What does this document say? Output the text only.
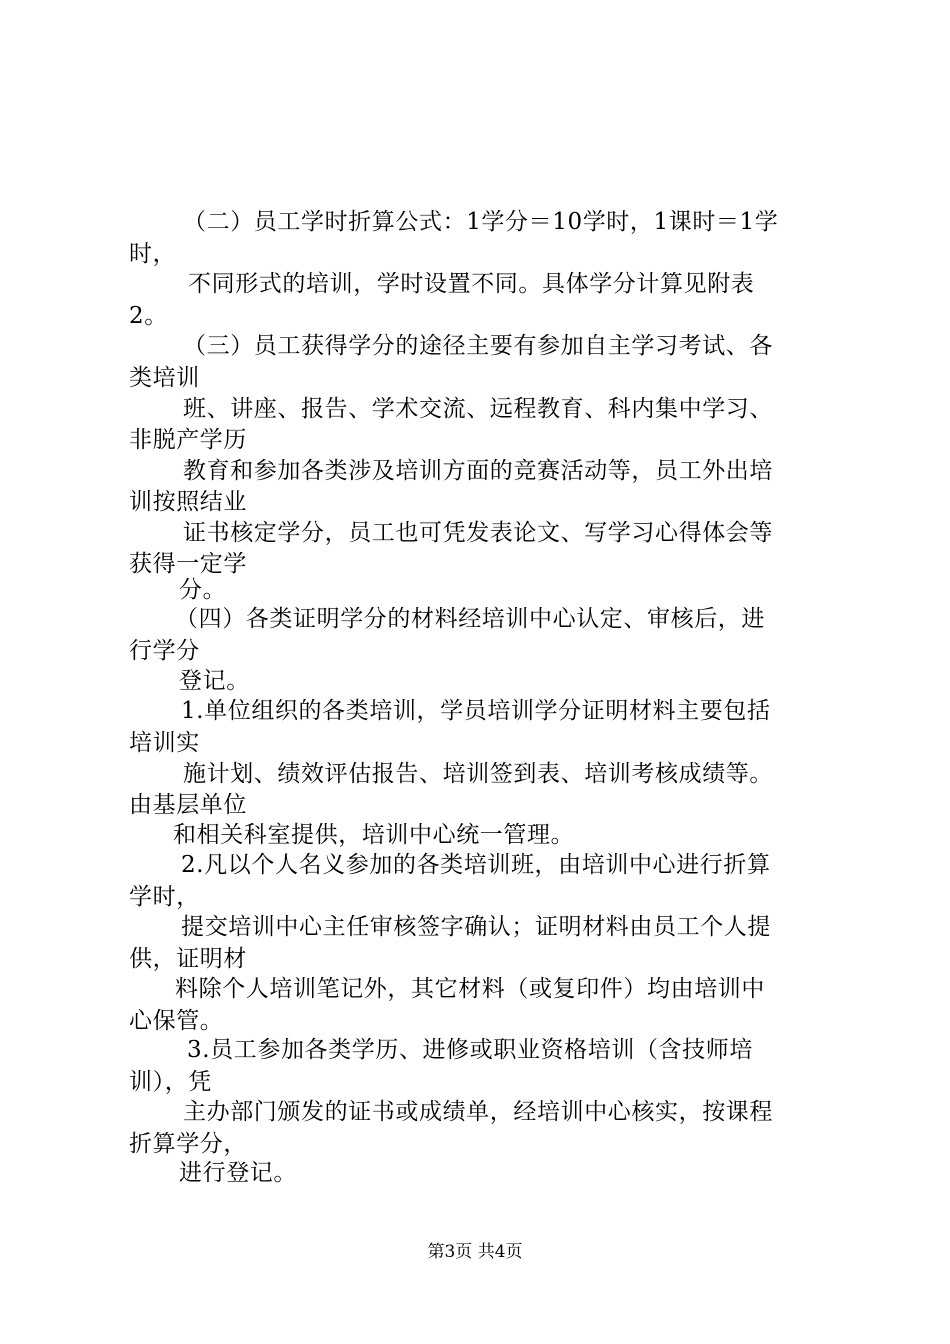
（二）员工学时折算公式：1学分＝10学时，1课时＝1学
时，
不同形式的培训，学时设置不同。具体学分计算见附表
2。
（三）员工获得学分的途径主要有参加自主学习考试、各
类培训
班、讲座、报告、学术交流、远程教育、科内集中学习、
非脱产学历
教育和参加各类涉及培训方面的竞赛活动等，员工外出培
训按照结业
证书核定学分，员工也可凭发表论文、写学习心得体会等
获得一定学
分。
（四）各类证明学分的材料经培训中心认定、审核后，进
行学分
登记。
1.单位组织的各类培训，学员培训学分证明材料主要包括
培训实
施计划、绩效评估报告、培训签到表、培训考核成绩等。
由基层单位
和相关科室提供，培训中心统一管理。
2.凡以个人名义参加的各类培训班，由培训中心进行折算
学时，
提交培训中心主任审核签字确认；证明材料由员工个人提
供，证明材
料除个人培训笔记外，其它材料（或复印件）均由培训中
心保管。
3.员工参加各类学历、进修或职业资格培训（含技师培
训），凭
主办部门颁发的证书或成绩单，经培训中心核实，按课程
折算学分，
进行登记。
第3页 共4页
